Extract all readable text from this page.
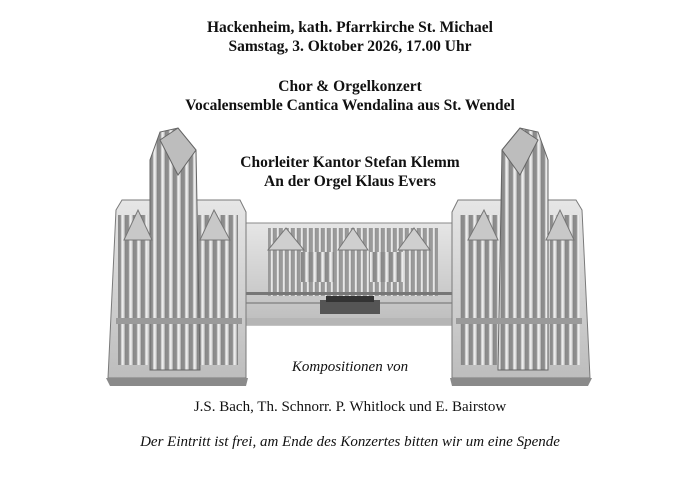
Hackenheim, kath. Pfarrkirche St. Michael
Samstag, 3. Oktober 2026, 17.00 Uhr
Chor & Orgelkonzert
Vocalensemble Cantica Wendalina aus St. Wendel
Chorleiter Kantor Stefan Klemm
An der Orgel Klaus Evers
Kompositionen von
J.S. Bach, Th. Schnorr. P. Whitlock und E. Bairstow
Der Eintritt ist frei, am Ende des Konzertes bitten wir um eine Spende
